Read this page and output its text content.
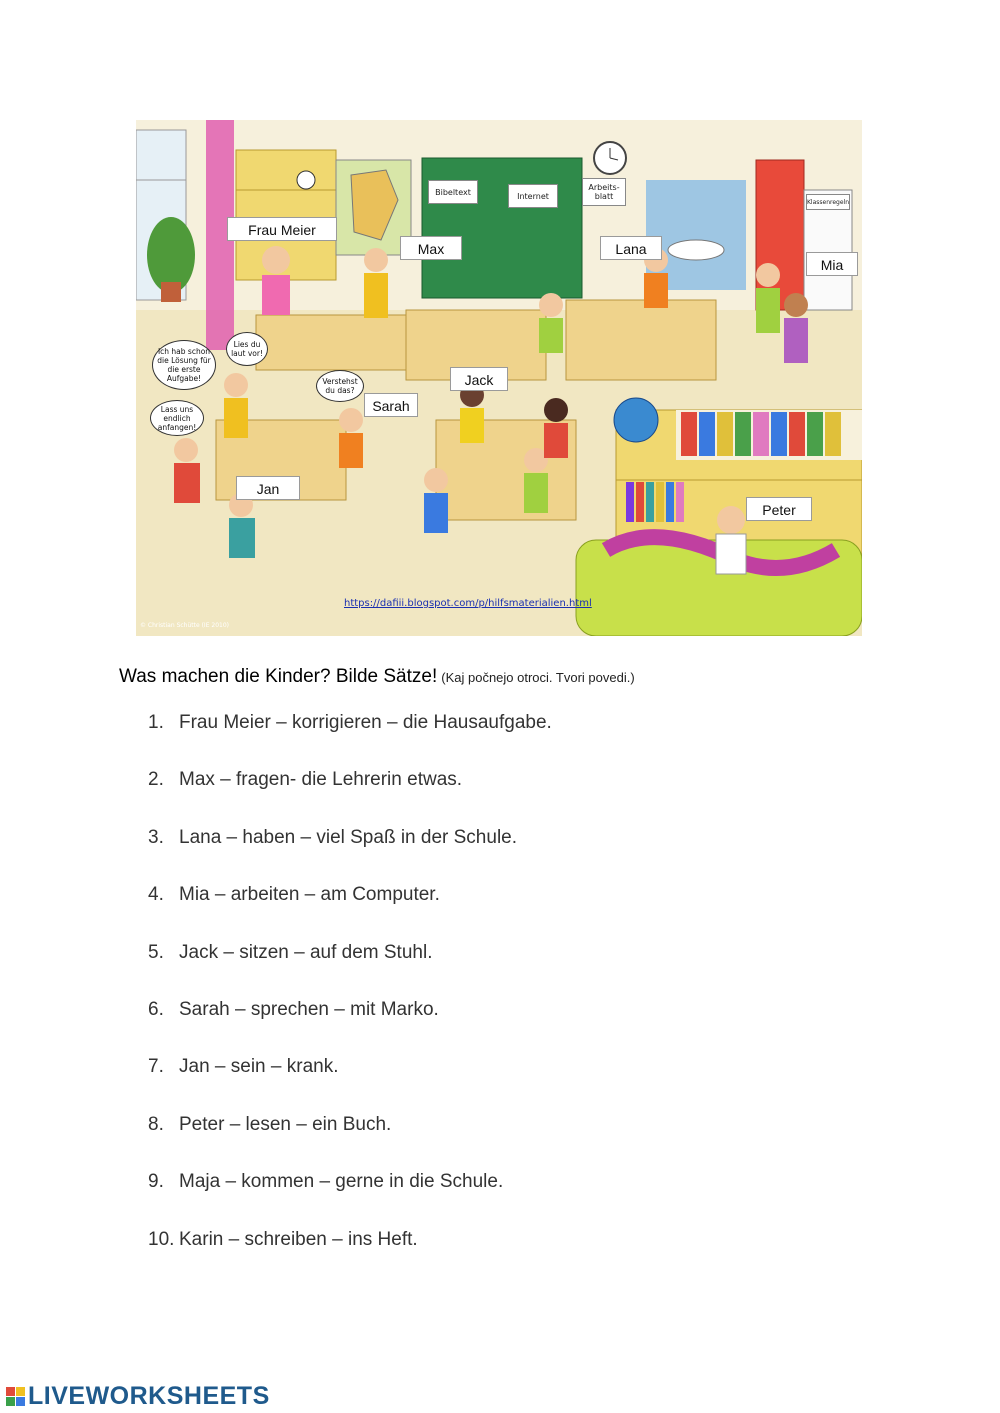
Bibeltext	Internet
Arbeits-
blatt
Klassenregeln
Ich hab schon die Lösung für die erste Aufgabe!
Lies du laut vor!
Verstehst du das?
Lass uns endlich anfangen!
Frau Meier
Max	Lana
Mia
Jack
Sarah
Jan
Peter
https://dafiii.blogspot.com/p/hilfsmaterialien.html
© Christian Schütte (IE 2010)
Was machen die Kinder? Bilde Sätze! (Kaj počnejo otroci. Tvori povedi.)
1. Frau Meier – korrigieren – die Hausaufgabe.
2. Max – fragen- die Lehrerin etwas.
3. Lana – haben – viel Spaß in der Schule.
4. Mia – arbeiten – am Computer.
5. Jack – sitzen – auf dem Stuhl.
6. Sarah – sprechen – mit Marko.
7. Jan – sein – krank.
8. Peter – lesen – ein Buch.
9. Maja – kommen – gerne in die Schule.
10. Karin – schreiben – ins Heft.
LIVEWORKSHEETS
